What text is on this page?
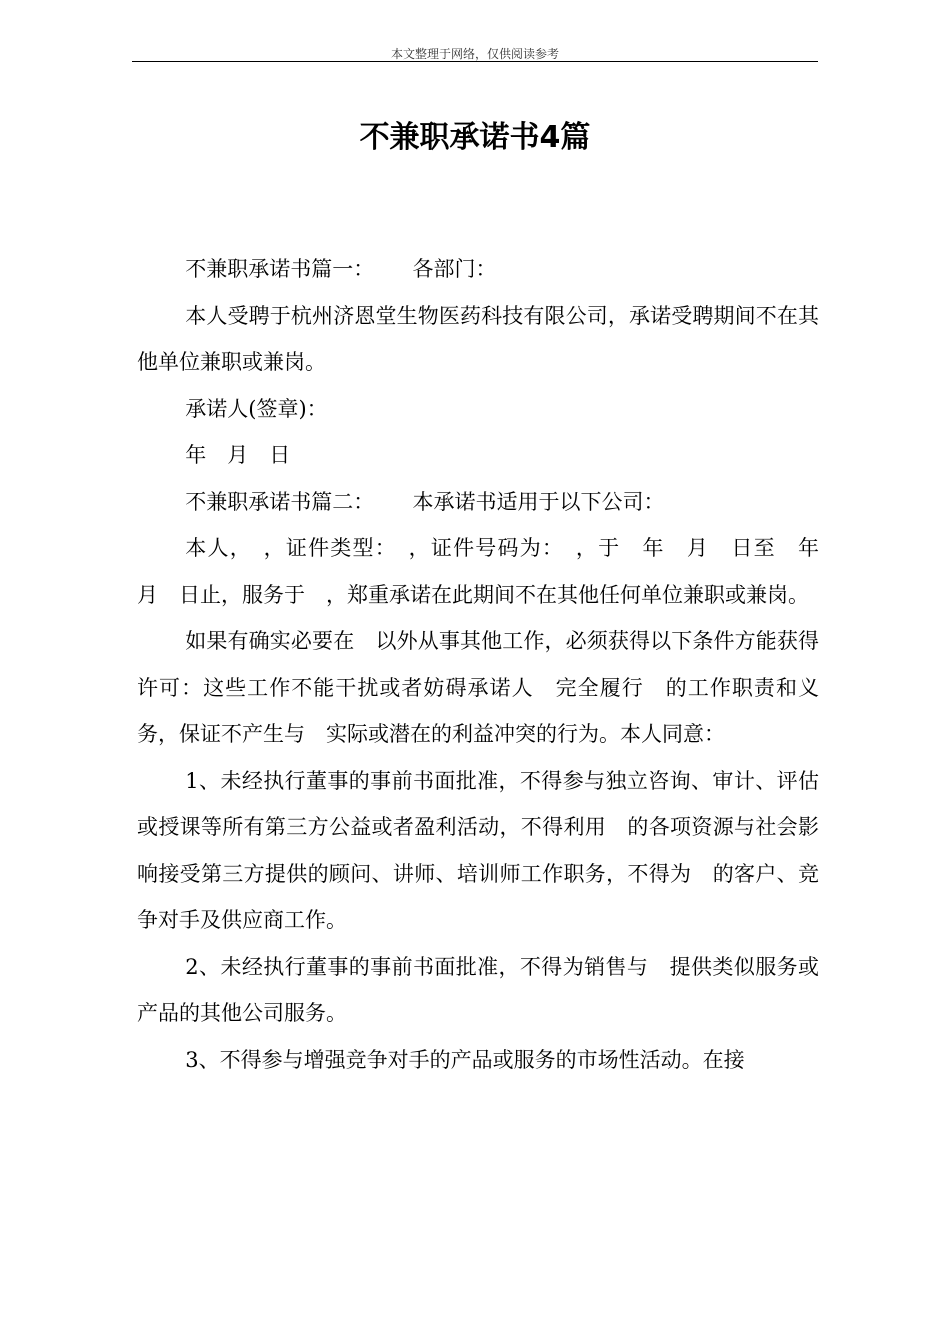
本文整理于网络，仅供阅读参考
不兼职承诺书4篇

不兼职承诺书篇一：　　 各部门：

本人受聘于杭州济恩堂生物医药科技有限公司，承诺受聘期间不在其他单位兼职或兼岗。

承诺人(签章)：

年　月　日

不兼职承诺书篇二：　　 本承诺书适用于以下公司：

本人，　，证件类型：　，证件号码为：　，于　年　月　日至　年　月　日止，服务于　，郑重承诺在此期间不在其他任何单位兼职或兼岗。

如果有确实必要在　以外从事其他工作，必须获得以下条件方能获得许可：这些工作不能干扰或者妨碍承诺人　完全履行　的工作职责和义务，保证不产生与　实际或潜在的利益冲突的行为。本人同意：

1、未经执行董事的事前书面批准，不得参与独立咨询、审计、评估或授课等所有第三方公益或者盈利活动，不得利用　的各项资源与社会影响接受第三方提供的顾问、讲师、培训师工作职务，不得为　的客户、竞争对手及供应商工作。

2、未经执行董事的事前书面批准，不得为销售与　提供类似服务或产品的其他公司服务。

3、不得参与增强竞争对手的产品或服务的市场性活动。在接
